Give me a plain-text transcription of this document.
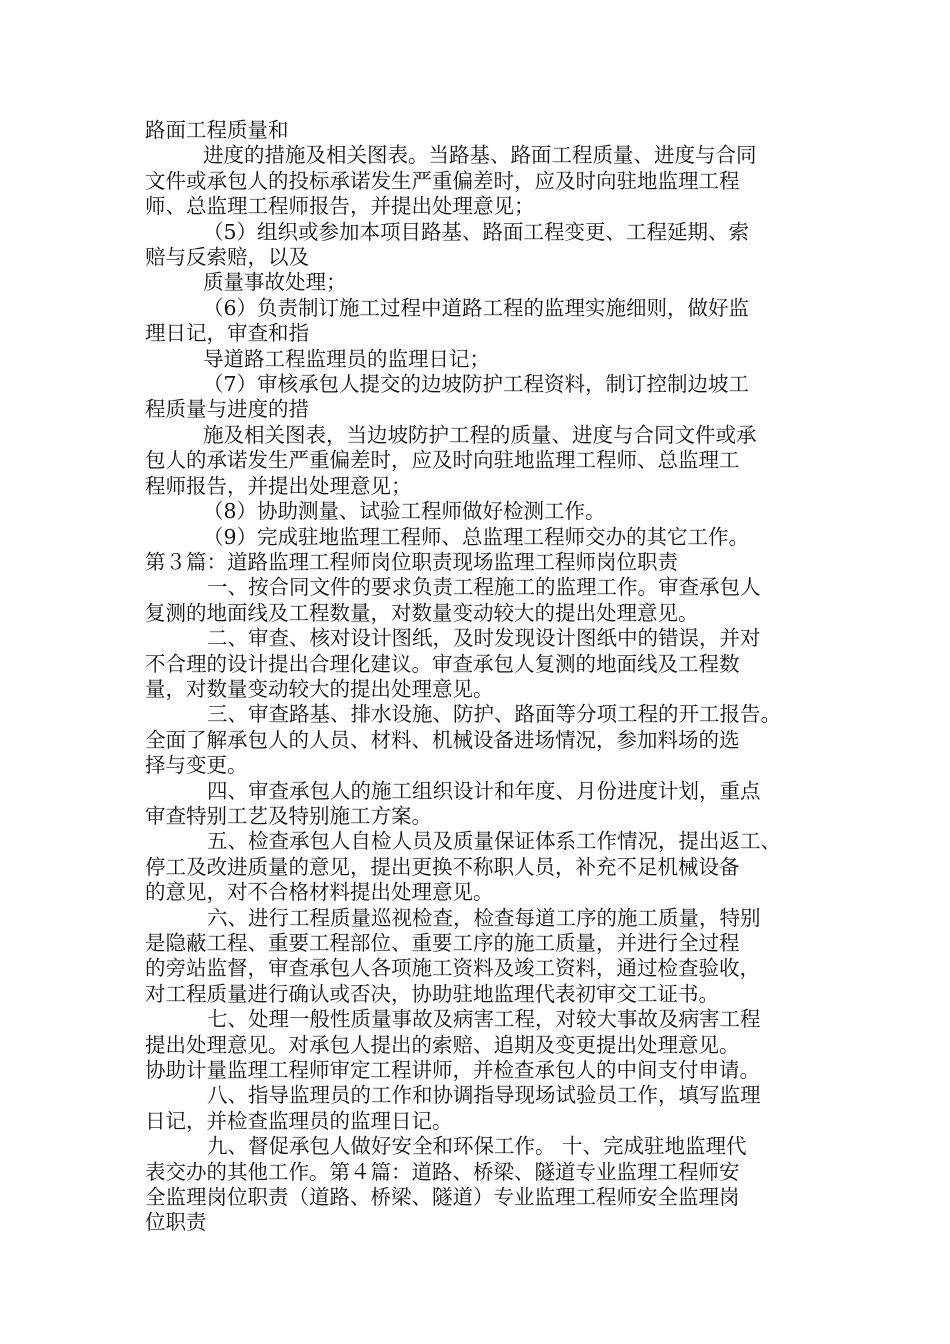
路面工程质量和

进度的措施及相关图表。当路基、路面工程质量、进度与合同

文件或承包人的投标承诺发生严重偏差时，应及时向驻地监理工程

师、总监理工程师报告，并提出处理意见；

（5）组织或参加本项目路基、路面工程变更、工程延期、索

赔与反索赔，以及

质量事故处理；

（6）负责制订施工过程中道路工程的监理实施细则，做好监

理日记，审查和指

导道路工程监理员的监理日记；

（7）审核承包人提交的边坡防护工程资料，制订控制边坡工

程质量与进度的措

施及相关图表，当边坡防护工程的质量、进度与合同文件或承

包人的承诺发生严重偏差时，应及时向驻地监理工程师、总监理工

程师报告，并提出处理意见；

（8）协助测量、试验工程师做好检测工作。

（9）完成驻地监理工程师、总监理工程师交办的其它工作。

第３篇：道路监理工程师岗位职责现场监理工程师岗位职责

一、按合同文件的要求负责工程施工的监理工作。审查承包人

复测的地面线及工程数量，对数量变动较大的提出处理意见。

二、审查、核对设计图纸，及时发现设计图纸中的错误，并对

不合理的设计提出合理化建议。审查承包人复测的地面线及工程数

量，对数量变动较大的提出处理意见。

三、审查路基、排水设施、防护、路面等分项工程的开工报告。

全面了解承包人的人员、材料、机械设备进场情况，参加料场的选

择与变更。

四、审查承包人的施工组织设计和年度、月份进度计划，重点

审查特别工艺及特别施工方案。

五、检查承包人自检人员及质量保证体系工作情况，提出返工、

停工及改进质量的意见，提出更换不称职人员，补充不足机械设备

的意见，对不合格材料提出处理意见。

六、进行工程质量巡视检查，检查每道工序的施工质量，特别

是隐蔽工程、重要工程部位、重要工序的施工质量，并进行全过程

的旁站监督，审查承包人各项施工资料及竣工资料，通过检查验收，

对工程质量进行确认或否决，协助驻地监理代表初审交工证书。

七、处理一般性质量事故及病害工程，对较大事故及病害工程

提出处理意见。对承包人提出的索赔、追期及变更提出处理意见。

协助计量监理工程师审定工程讲师，并检查承包人的中间支付申请。

八、指导监理员的工作和协调指导现场试验员工作，填写监理

日记，并检查监理员的监理日记。

九、督促承包人做好安全和环保工作。 十、完成驻地监理代

表交办的其他工作。第４篇：道路、桥梁、隧道专业监理工程师安

全监理岗位职责（道路、桥梁、隧道）专业监理工程师安全监理岗

位职责
